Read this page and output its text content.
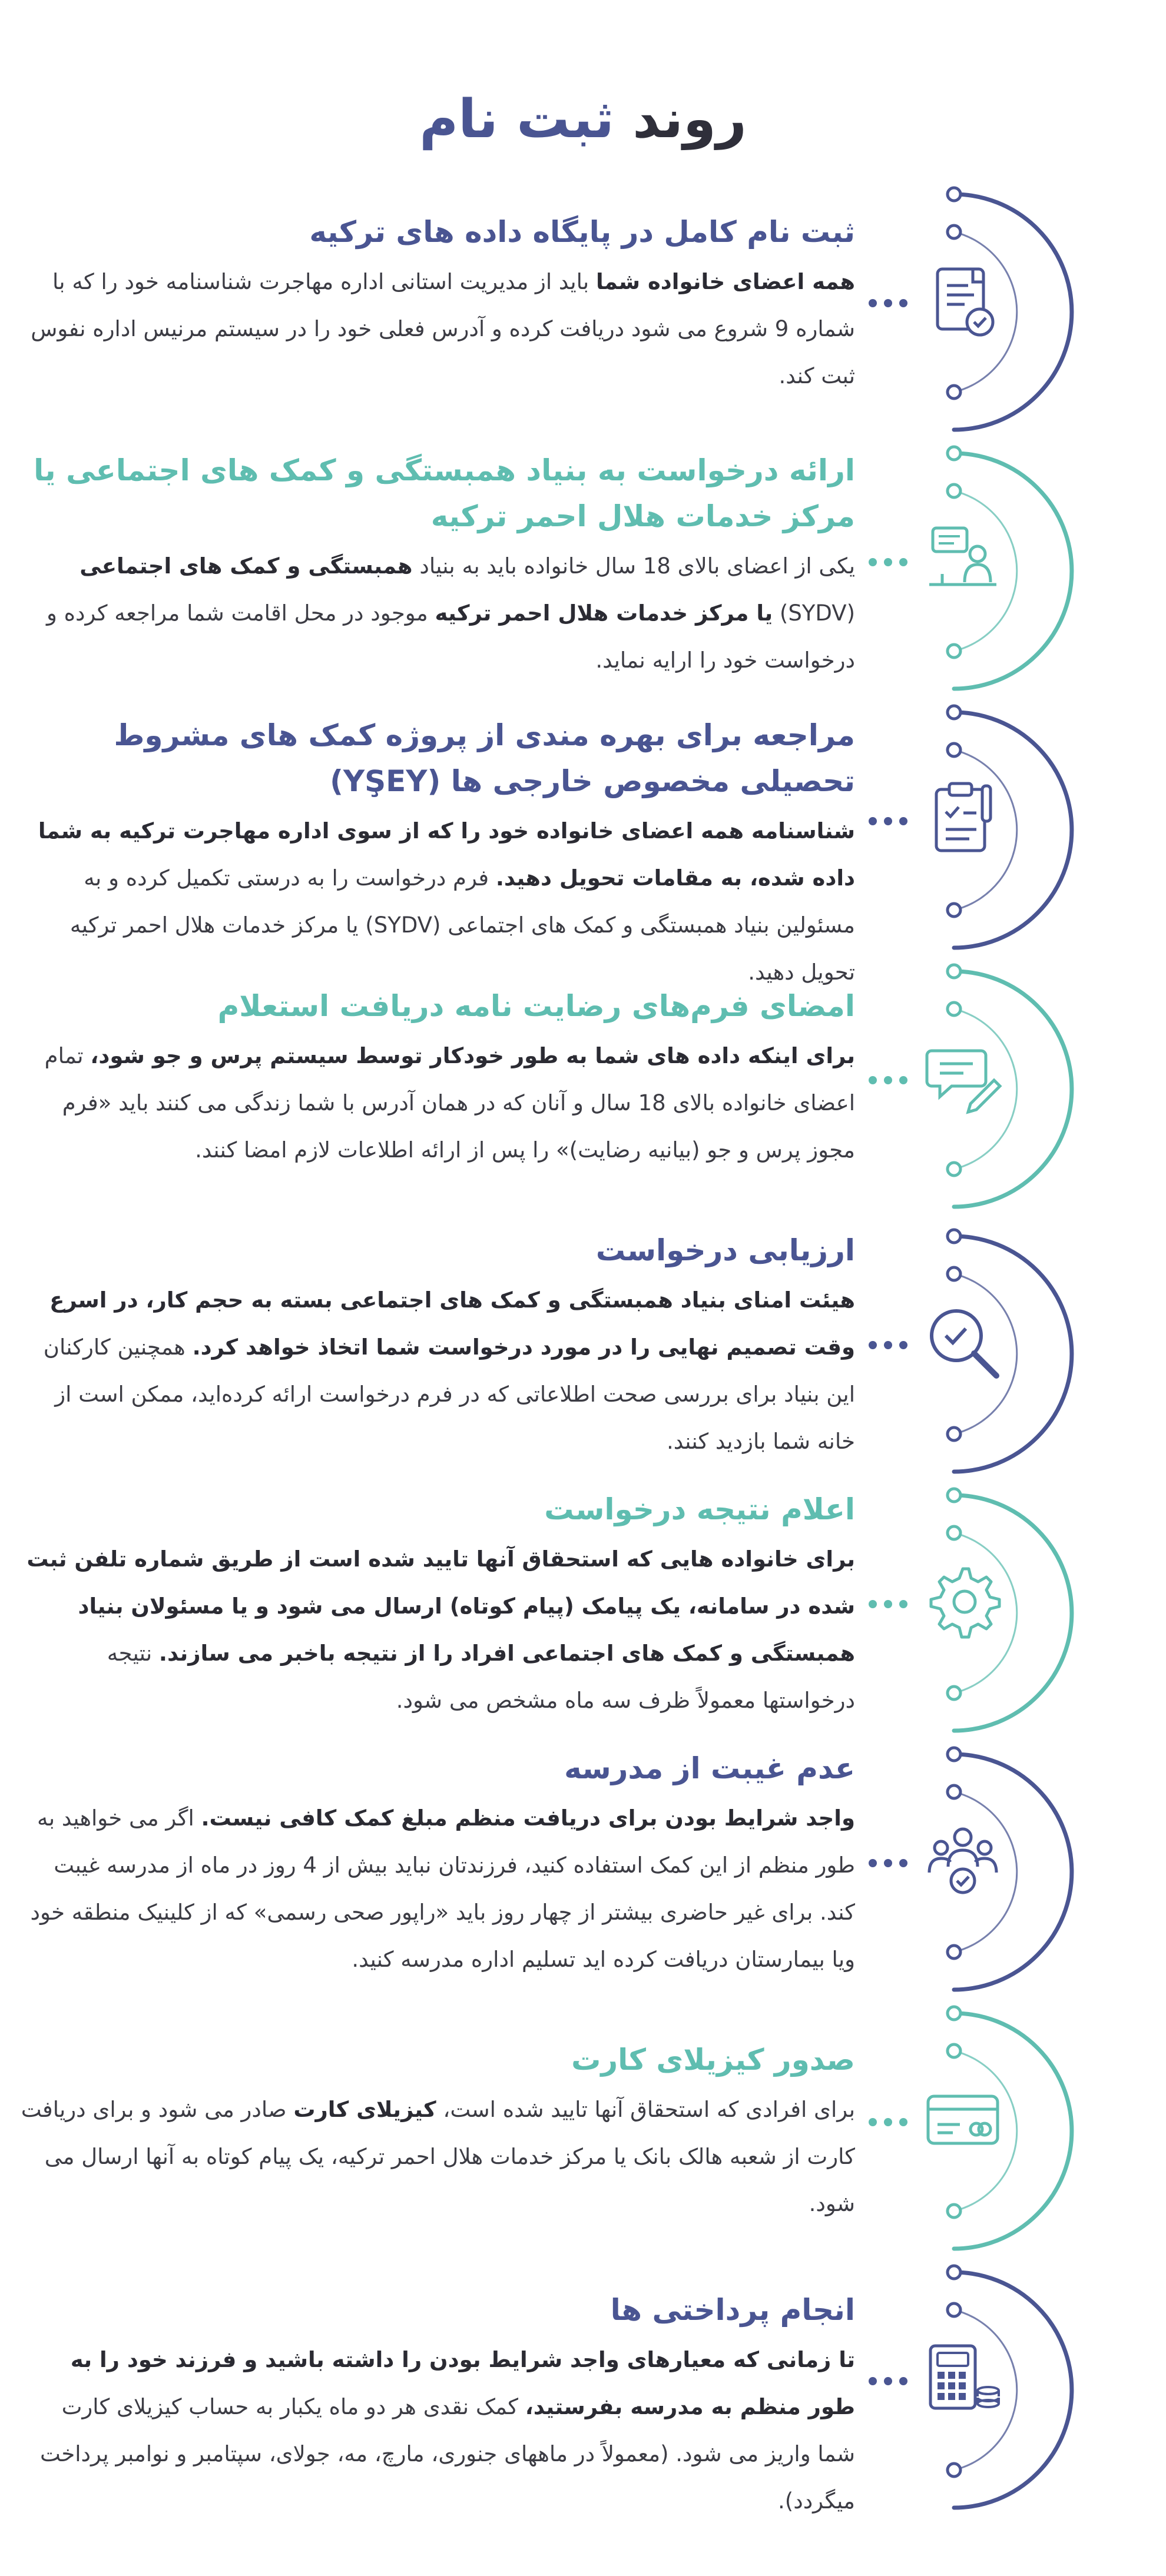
روند ثبت نام
ثبت نام کامل در پایگاه داده های ترکیه

همه اعضای خانواده شما باید از مدیریت استانی اداره مهاجرت شناسنامه خود را که با شماره 9 شروع می شود دریافت کرده و آدرس فعلی خود را در سیستم مرنیس اداره نفوس ثبت کند.

ارائه درخواست به بنیاد همبستگی و کمک های اجتماعی یا مرکز خدمات هلال احمر ترکیه

یکی از اعضای بالای 18 سال خانواده باید به بنیاد همبستگی و کمک های اجتماعی (SYDV) یا مرکز خدمات هلال احمر ترکیه موجود در محل اقامت شما مراجعه کرده و درخواست خود را ارایه نماید.

مراجعه برای بهره مندی از پروژه کمک های مشروط تحصیلی مخصوص خارجی ها (YŞEY)

شناسنامه همه اعضای خانواده خود را که از سوی اداره مهاجرت ترکیه به شما داده شده، به مقامات تحویل دهید. فرم درخواست را به درستی تکمیل کرده و به مسئولین بنیاد همبستگی و کمک های اجتماعی (SYDV) یا مرکز خدمات هلال احمر ترکیه تحویل دهید.

امضای فرم‌های رضایت نامه دریافت استعلام

برای اینکه داده های شما به طور خودکار توسط سیستم پرس و جو شود، تمام اعضای خانواده بالای 18 سال و آنان که در همان آدرس با شما زندگی می کنند باید «فرم مجوز پرس و جو (بیانیه رضایت)» را پس از ارائه اطلاعات لازم امضا کنند.

ارزیابی درخواست

هیئت امنای بنیاد همبستگی و کمک های اجتماعی بسته به حجم کار، در اسرع وقت تصمیم نهایی را در مورد درخواست شما اتخاذ خواهد کرد. همچنین کارکنان این بنیاد برای بررسی صحت اطلاعاتی که در فرم درخواست ارائه کرده‌اید، ممکن است از خانه شما بازدید کنند.

اعلام نتیجه درخواست

برای خانواده هایی که استحقاق آنها تایید شده است از طریق شماره تلفن ثبت شده در سامانه، یک پیامک (پیام کوتاه) ارسال می شود و یا مسئولان بنیاد همبستگی و کمک های اجتماعی افراد را از نتیجه باخبر می سازند. نتیجه درخواستها معمولاً ظرف سه ماه مشخص می شود.

عدم غیبت از مدرسه

واجد شرایط بودن برای دریافت منظم مبلغ کمک کافی نیست. اگر می خواهید به طور منظم از این کمک استفاده کنید، فرزندتان نباید بیش از 4 روز در ماه از مدرسه غیبت کند. برای غیر حاضری بیشتر از چهار روز باید «راپور صحی رسمی» که از کلینیک منطقه خود ویا بیمارستان دریافت کرده اید تسلیم اداره مدرسه کنید.

صدور کیزیلای کارت

برای افرادی که استحقاق آنها تایید شده است، کیزیلای کارت صادر می شود و برای دریافت کارت از شعبه هالک بانک یا مرکز خدمات هلال احمر ترکیه، یک پیام کوتاه به آنها ارسال می شود.

انجام پرداختی ها

تا زمانی که معیارهای واجد شرایط بودن را داشته باشید و فرزند خود را به طور منظم به مدرسه بفرستید، کمک نقدی هر دو ماه یکبار به حساب کیزیلای کارت شما واریز می شود. (معمولاً در ماههای جنوری، مارچ، مه، جولای، سپتامبر و نوامبر پرداخت میگردد).
